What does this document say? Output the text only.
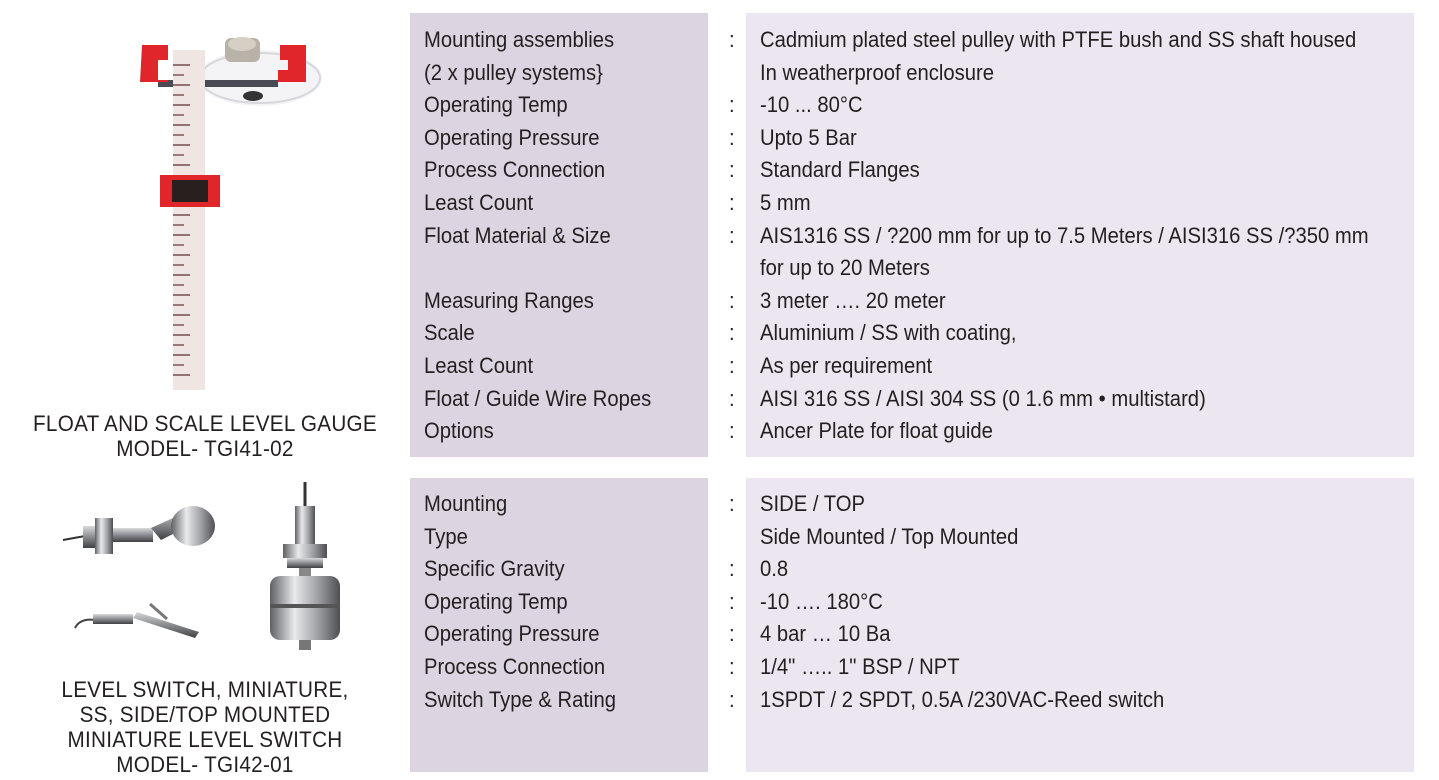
FLOAT AND SCALE LEVEL GAUGE
MODEL- TGI41-02
LEVEL SWITCH, MINIATURE,
SS, SIDE/TOP MOUNTED
MINIATURE LEVEL SWITCH
MODEL- TGI42-01
Mounting assemblies
(2 x pulley systems}
Operating Temp
Operating Pressure
Process Connection
Least Count
Float Material & Size
Measuring Ranges
Scale
Least Count
Float / Guide Wire Ropes
Options
:
:
:
:
:
:
:
:
:
:
:
Cadmium plated steel pulley with PTFE bush and SS shaft housed
In weatherproof enclosure
-10 ... 80°C
Upto 5 Bar
Standard Flanges
5 mm
AIS1316 SS / ?200 mm for up to 7.5 Meters / AISI316 SS /?350 mm
for up to 20 Meters
3 meter …. 20 meter
Aluminium / SS with coating,
As per requirement
AISI 316 SS / AISI 304 SS (0 1.6 mm • multistard)
Ancer Plate for float guide
Mounting
Type
Specific Gravity
Operating Temp
Operating Pressure
Process Connection
Switch Type & Rating
:
:
:
:
:
:
SIDE / TOP
Side Mounted / Top Mounted
0.8
-10 …. 180°C
4 bar … 10 Ba
1/4" ….. 1" BSP / NPT
1SPDT / 2 SPDT, 0.5A /230VAC-Reed switch
